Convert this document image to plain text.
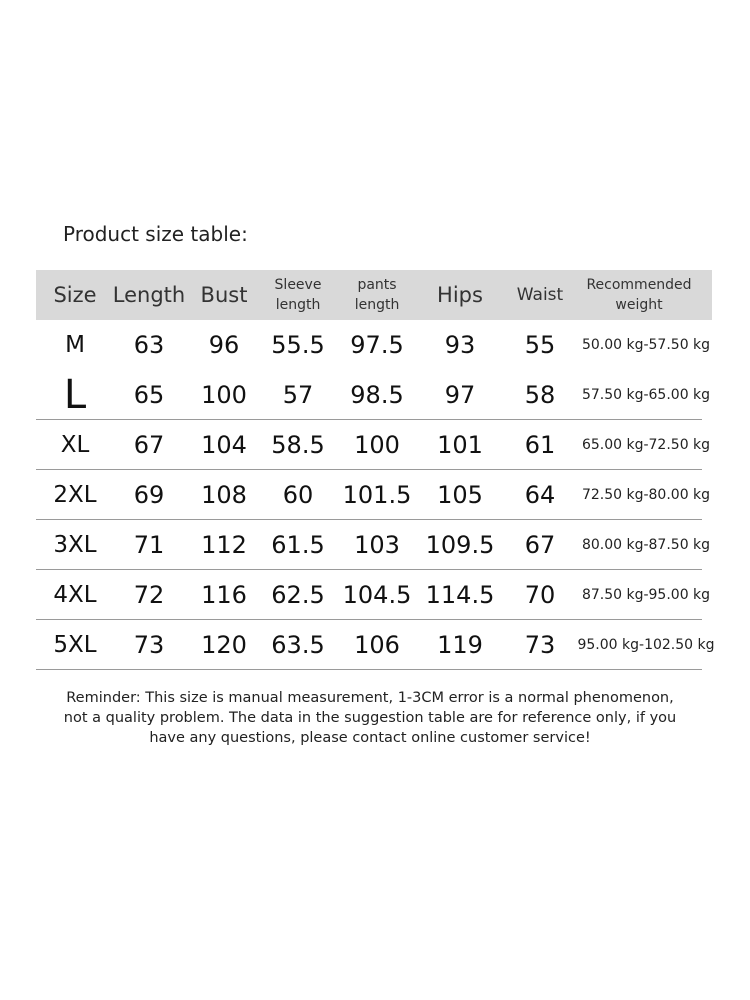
Product size table:
Size Length Bust Sleeve
length
pants
length Hips Waist Recommended
weight
M 63 96 55.5 97.5 93 55 50.00 kg-57.50 kg
L 65 100 57 98.5 97 58 57.50 kg-65.00 kg
XL 67 104 58.5 100 101 61 65.00 kg-72.50 kg
2XL 69 108 60 101.5 105 64 72.50 kg-80.00 kg
3XL 71 112 61.5 103 109.5 67 80.00 kg-87.50 kg
4XL 72 116 62.5 104.5 114.5 70 87.50 kg-95.00 kg
5XL 73 120 63.5 106 119 73 95.00 kg-102.50 kg
Reminder: This size is manual measurement, 1-3CM error is a normal phenomenon,
not a quality problem. The data in the suggestion table are for reference only, if you
have any questions, please contact online customer service!
